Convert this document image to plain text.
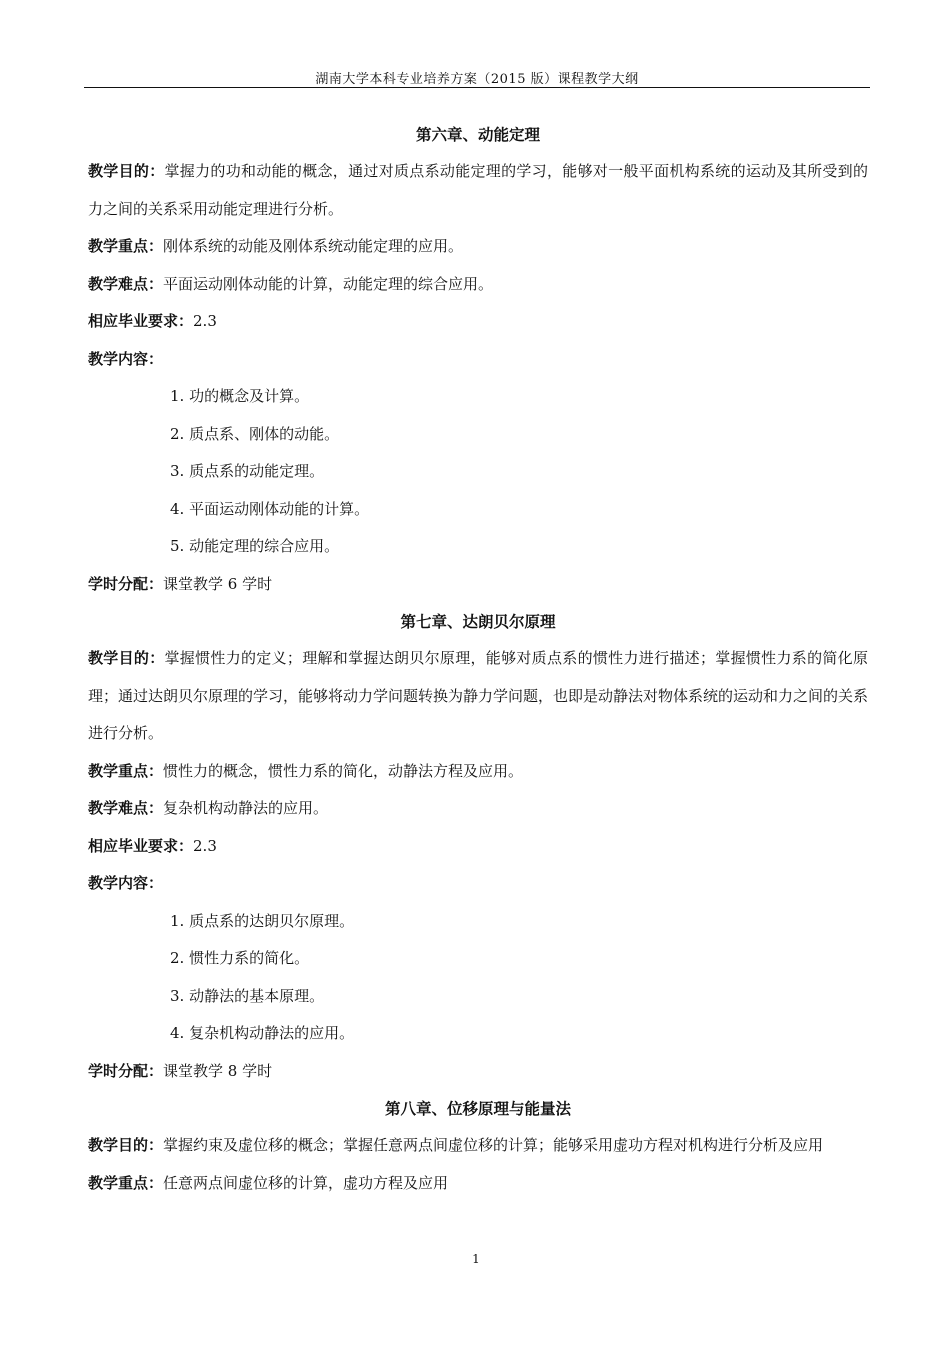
湖南大学本科专业培养方案（2015 版）课程教学大纲
第六章、动能定理
教学目的：掌握力的功和动能的概念，通过对质点系动能定理的学习，能够对一般平面机构系统的运动及其所受到的力之间的关系采用动能定理进行分析。
教学重点：刚体系统的动能及刚体系统动能定理的应用。
教学难点：平面运动刚体动能的计算，动能定理的综合应用。
相应毕业要求：2.3
教学内容：
1. 功的概念及计算。
2. 质点系、刚体的动能。
3. 质点系的动能定理。
4. 平面运动刚体动能的计算。
5. 动能定理的综合应用。
学时分配：课堂教学 6 学时
第七章、达朗贝尔原理
教学目的：掌握惯性力的定义；理解和掌握达朗贝尔原理，能够对质点系的惯性力进行描述；掌握惯性力系的简化原理；通过达朗贝尔原理的学习，能够将动力学问题转换为静力学问题，也即是动静法对物体系统的运动和力之间的关系进行分析。
教学重点：惯性力的概念，惯性力系的简化，动静法方程及应用。
教学难点：复杂机构动静法的应用。
相应毕业要求：2.3
教学内容：
1. 质点系的达朗贝尔原理。
2. 惯性力系的简化。
3. 动静法的基本原理。
4. 复杂机构动静法的应用。
学时分配：课堂教学 8 学时
第八章、位移原理与能量法
教学目的：掌握约束及虚位移的概念；掌握任意两点间虚位移的计算；能够采用虚功方程对机构进行分析及应用
教学重点：任意两点间虚位移的计算，虚功方程及应用
1
